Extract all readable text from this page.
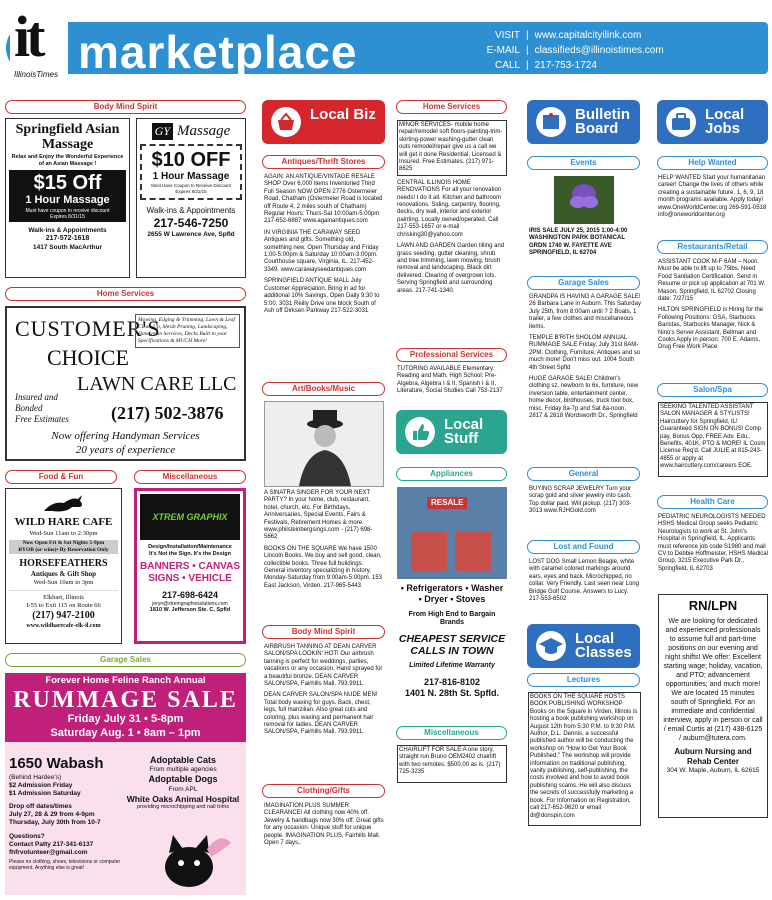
it
IllinoisTimes marketplace	VISIT | www.capitalcityilink.com
E-MAIL | classifieds@illinoistimes.com
CALL | 217-753-1724
Body Mind Spirit
Springfield Asian Massage
Relax and Enjoy the Wonderful Experience of an Asian Massage !
$15 Off
1 Hour Massage
Must have coupon to receive discount
Expires 8/31/15
Walk-ins & Appointments
217-572-1618
1417 South MacArthur
GY Massage
$10 OFF
1 Hour Massage
Must Have Coupon to Receive Discount
Expires 8/31/15
Walk-ins & Appointments
217-546-7250
2655 W Lawrence Ave, Spfld
Home Services
CUSTOMER'S
CHOICE
Mowing, Edging & Trimming, Lawn & Leaf Clean-Up, Shrub Pruning, Landscaping, Handyman Services, Decks Built to your Specifications & MUCH More!
LAWN CARE LLC
Insured and Bonded
Free Estimates (217) 502-3876
Now offering Handyman Services
20 years of experience
Food & Fun	Miscellaneous
WILD HARE CAFE
Wed-Sun 11am to 2:30pm
Now Open Fri & Sat Nights 5-9pm
BYOB (or wine)• By Reservation Only
HORSEFEATHERS
Antiques & Gift Shop
Wed-Sun 10am to 3pm
Elkhart, Illinois
I-55 to Exit 115 on Route 66
(217) 947-2100
www.wildharecafe-elk-il.com
XTREM GRAPHIX
Design/Installation/Maintenance
It's Not the Sign. It's the Design
BANNERS • CANVAS
SIGNS • VEHICLE
217-698-6424
jeryn@xtremgraphixsolutions.com
1810 W. Jefferson Ste. C, Spfld
Garage Sales
Forever Home Feline Ranch Annual
RUMMAGE SALE
Friday July 31 • 5-8pm
Saturday Aug. 1 • 8am – 1pm
1650 Wabash
(Behind Hardee's)
$2 Admission Friday
$1 Admission Saturday
Drop off dates/times
July 27, 28 & 29 from 4-9pm
Thursday, July 30th from 10-7
Questions?
Contact Patty 217-341-6137
fhfrvolunteer@gmail.com
Please no clothing, shoes, televisions or computer equipment. Anything else is great!
Adoptable Cats
From multiple agencies
Adoptable Dogs
From APL
White Oaks Animal Hospital
providing microchipping and nail trims
Local Biz
Antiques/Thrift Stores

AGAIN: AN ANTIQUE/VINTAGE RESALE SHOP Over 6,000 items Inventoried Third Full Season NOW OPEN 2776 Ostermeier Road, Chatham (Ostermeier Road is located off Route 4, 2 miles south of Chatham) Regular Hours: Thurs-Sat 10:00am-5:00pm 217-652-6887 www.againantiques.com

IN VIRGINIA THE CARAWAY SEED Antiques and gifts. Something old, something new. Open Thursday and Friday 1:00-5:00pm & Saturday 10:00am-3:00pm. Courthouse square, Virginia, IL. 217-452-3349. www.carawayseedantiques.com

SPRINGFIELD ANTIQUE MALL July Customer Appreciation. Bring in ad for additional 10% Savings. Open Daily 9:30 to 5:00. 3031 Reilly Drive one block South of Ash off Dirksen Parkway 217-522-3031

Art/Books/Music

A SINATRA SINGER FOR YOUR NEXT PARTY? In your home, club, restaurant, hotel, church, etc. For Birthdays, Anniversaries, Special Events, Fairs & Festivals, Retirement Homes & more. www.philsteinbergsings.com - (217) 698-5662

BOOKS ON THE SQUARE We have 1500 Lincoln Books. We buy and sell good, clean, collectible books. Three full buildings. General inventory specializing in history. Monday-Saturday from 9:00am-5:00pm. 153 East Jackson, Virden. 217-965-5443

Body Mind Spirit

AIRBRUSH TANNING AT DEAN CARVER SALON/SPA LOOKIN' HOT! Our airbrush tanning is perfect for weddings, parties, vacations or any occasion. Hand sprayed for a beautiful bronze. DEAN CARVER SALON/SPA, Fairhills Mall. 793.9911.

DEAN CARVER SALON/SPA NUDE MEN! Total body waxing for guys. Back, chest, legs, full manzilian. Also great cuts and coloring, plus waxing and permanent hair removal for ladies. DEAN CARVER SALON/SPA, Fairhills Mall. 793.9911.

Clothing/Gifts

IMAGINATION PLUS SUMMER CLEARANCE! All clothing now 40% off. Jewelry & handbags now 30% off. Great gifts for any occasion. Unique stuff for unique people. IMAGINATION PLUS, Fairhills Mall. Open 7 days,.

Home Services

MINOR SERVICES- mobile home repair/remodel soft floors-painting-trim-skirting-power washing-gutter clean outs remodel/repair give us a call we will get it done Residential, Licensed & Insured. Free Estimates. (217) 971-8625

CENTRAL ILLINOIS HOME RENOVATIONS For all your renovation needs! I do it all. Kitchen and bathroom renovations. Siding, carpentry, flooring, decks, dry wall, interior and exterior painting. Locally owned/operated. Call 217-553-1657 or e-mail chrisking30@yahoo.com

LAWN AND GARDEN Garden tilling and grass seeding, gutter cleaning, shrub and tree trimming, lawn mowing, brush removal and landscaping. Black dirt delivered. Clearing of overgrown lots. Serving Springfield and surrounding areas. 217-741-1340.

Professional Services

TUTORING AVAILABLE Elementary: Reading and Math, High School: Pre-Algebra, Algebra I & II, Spanish I & II, Literature, Social Studies Call 753-2137

Local Stuff
Appliances
RESALE
• Refrigerators • Washer
• Dryer • Stoves
From High End to Bargain Brands
CHEAPEST SERVICE CALLS IN TOWN
Limited Lifetime Warranty
217-816-8102
1401 N. 28th St. Spfld.
Miscellaneous

CHAIRLIFT FOR SALE A one story, straight run Bruno OEM2402 chairlift with two remotes. $500.00 as is. (217) 725-3235

Bulletin Board
Events

IRIS SALE JULY 25, 2015 1:00-4:00 WASHINGTON PARK BOTANICAL GRDN 1740 W. FAYETTE AVE SPRINGFIELD, IL 62704

Garage Sales

GRANDPA IS HAVING A GARAGE SALE! 26 Barbara Lane in Auburn. This Saturday July 25th, from 8:00am until ? 2 Boats, 1 trailer, a few clothes and miscellaneous items.

TEMPLE B'RITH SHOLOM ANNUAL RUMMAGE SALE Friday, July 31st 8AM-2PM. Clothing, Furniture, Antiques and so much more! Don't miss out. 1004 South 4th Street Spfld

HUGE GARAGE SALE! Children's clothing sz. newborn to 6x, furniture, new inversion table, entertainment center, home decor, birdhouses, truck tool box, misc. Friday 8a-7p and Sat 8a-noon. 2817 & 2818 Wordsworth Dr., Springfield

General

BUYING SCRAP JEWELRY Turn your scrap gold and silver jewelry into cash. Top dollar paid. Will pickup. (217) 303-3013 www.RJHGold.com

Lost and Found

LOST DOG Small Lemon Beagle, white with caramel colored markings around ears, eyes and back. Microchipped, no collar. Very Friendly. Last seen near Long Bridge Golf Course. Answers to Lucy. 217-553-6502

Local Classes
Lectures

BOOKS ON THE SQUARE HOSTS BOOK PUBLISHING WORKSHOP Books on the Square in Virden, Illinois is hosting a book publishing workshop on August 12th from 5:30 P.M. to 9:30 P.M. Author, D.L. Dennis, a successful published author will be conducting the workshop on "How to Get Your Book Published." The workshop will provide information on traditional publishing, vanity publishing, self-publishing, the costs involved and how to avoid book publishing scams. He will also discuss the secrets of successfully marketing a book. For Information on Registration, call 217-652-9620 or email dl@donspin.com

Local Jobs
Help Wanted

HELP WANTED Start your humanitarian career! Change the lives of others while creating a sustainable future. 1, 6, 9, 18 month programs available. Apply today! www.OneWorldCenter.org 269-591-0518 info@oneworldcenter.org

Restaurants/Retail

ASSISTANT COOK M-F 6AM – Noon. Must be able to lift up to 75lbs. Need Food Sanitation Certification. Send in Resume or pick up application at 701 W. Mason, Springfield, IL 62702 Closing date: 7/27/15

HILTON SPRINGFIELD is Hiring for the Following Positions: GSA, Starbucks Baristas, Starbucks Manager, Nick & Nino's Server Assistant, Bellman and Cooks Apply in person: 700 E. Adams, Drug Free Work Place

Salon/Spa

SEEKING TALENTED ASSISTANT SALON MANAGER & STYLISTS! Haircuttery for Springfield, IL! Guaranteed SIGN ON BONUS! Comp pay, Bonus Opp, FREE Adv. Edu., Benefits, 401K, PTO & MORE! IL Cosm License Req'd. Call JULIE at 815-243-4855 or apply at www.haircuttery.com/careers EOE.

Health Care

PEDIATRIC NEUROLOGISTS NEEDED HSHS Medical Group seeks Pediatric Neurologists to work at St. John's Hospital in Springfield, IL. Applicants must reference job code S1980 and mail CV to Debbie Hoffmeister, HSHS Medical Group, 3215 Executive Park Dr., Springfield, IL 62703

RN/LPN
We are looking for dedicated and experienced professionals to assume full and part-time positions on our evening and night shifts! We offer: Excellent starting wage; holiday, vacation, and PTO; advancement opportunities; and much more! We are located 15 minutes south of Springfield. For an immediate and confidential interview, apply in person or call / email Curtis at (217) 438-6125 / auburn@tutera.com.
Auburn Nursing and Rehab Center
304 W. Maple, Auburn, IL 62615
